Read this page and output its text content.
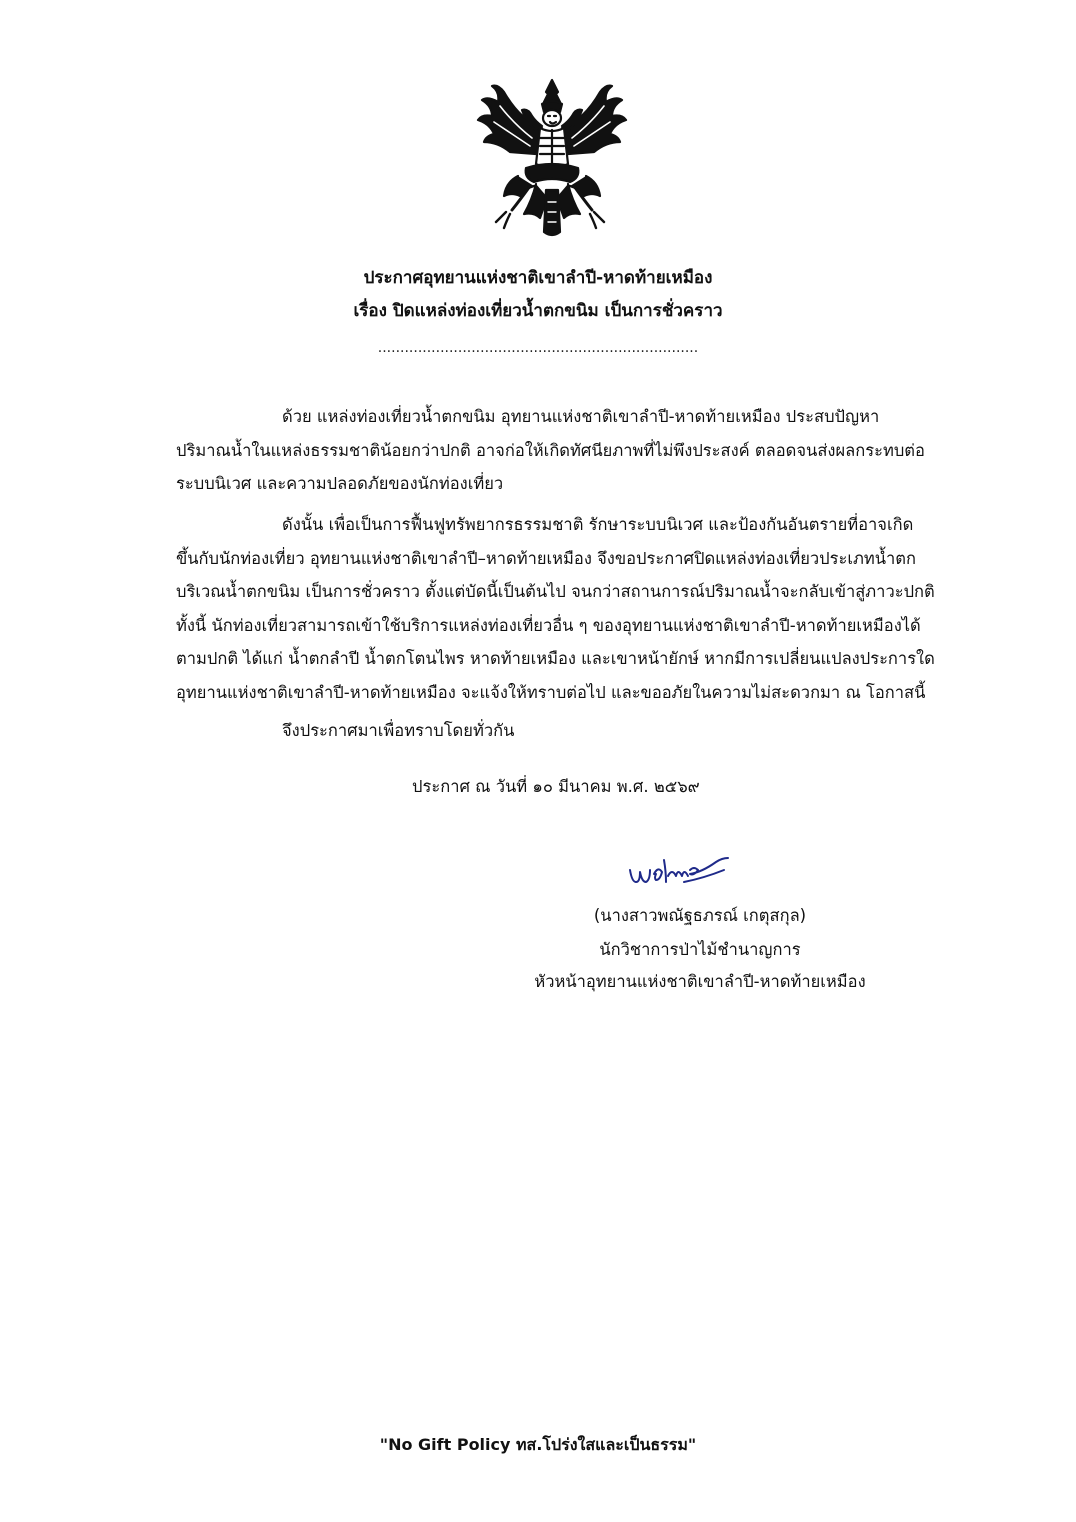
ประกาศอุทยานแห่งชาติเขาลำปี-หาดท้ายเหมือง
เรื่อง ปิดแหล่งท่องเที่ยวน้ำตกขนิม เป็นการชั่วคราว
........................................................................
ด้วย แหล่งท่องเที่ยวน้ำตกขนิม อุทยานแห่งชาติเขาลำปี-หาดท้ายเหมือง ประสบปัญหา
ปริมาณน้ำในแหล่งธรรมชาติน้อยกว่าปกติ อาจก่อให้เกิดทัศนียภาพที่ไม่พึงประสงค์ ตลอดจนส่งผลกระทบต่อ
ระบบนิเวศ และความปลอดภัยของนักท่องเที่ยว
ดังนั้น เพื่อเป็นการฟื้นฟูทรัพยากรธรรมชาติ รักษาระบบนิเวศ และป้องกันอันตรายที่อาจเกิด
ขึ้นกับนักท่องเที่ยว อุทยานแห่งชาติเขาลำปี–หาดท้ายเหมือง จึงขอประกาศปิดแหล่งท่องเที่ยวประเภทน้ำตก
บริเวณน้ำตกขนิม เป็นการชั่วคราว ตั้งแต่บัดนี้เป็นต้นไป จนกว่าสถานการณ์ปริมาณน้ำจะกลับเข้าสู่ภาวะปกติ
ทั้งนี้ นักท่องเที่ยวสามารถเข้าใช้บริการแหล่งท่องเที่ยวอื่น ๆ ของอุทยานแห่งชาติเขาลำปี-หาดท้ายเหมืองได้
ตามปกติ ได้แก่ น้ำตกลำปี น้ำตกโตนไพร หาดท้ายเหมือง และเขาหน้ายักษ์ หากมีการเปลี่ยนแปลงประการใด
อุทยานแห่งชาติเขาลำปี-หาดท้ายเหมือง จะแจ้งให้ทราบต่อไป และขออภัยในความไม่สะดวกมา ณ โอกาสนี้
จึงประกาศมาเพื่อทราบโดยทั่วกัน
ประกาศ ณ วันที่ ๑๐ มีนาคม พ.ศ. ๒๕๖๙
(นางสาวพณัฐธภรณ์ เกตุสกุล)
นักวิชาการป่าไม้ชำนาญการ
หัวหน้าอุทยานแห่งชาติเขาลำปี-หาดท้ายเหมือง
"No Gift Policy ทส.โปร่งใสและเป็นธรรม"
